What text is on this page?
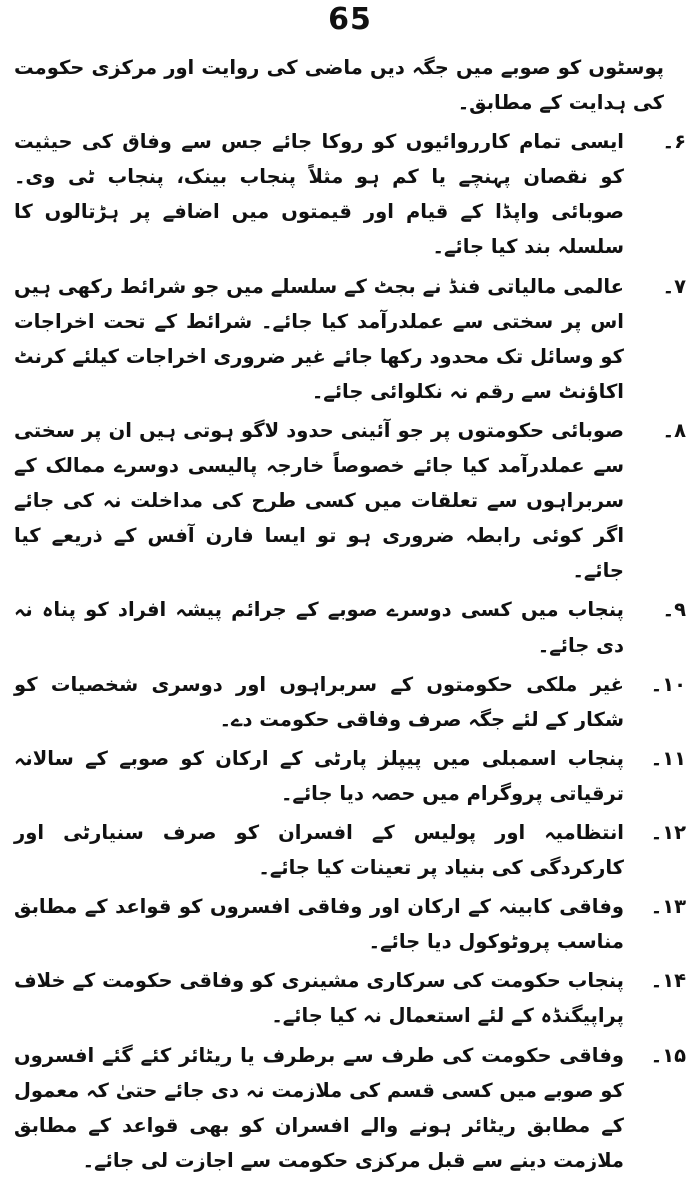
65
پوسٹوں کو صوبے میں جگہ دیں ماضی کی روایت اور مرکزی حکومت کی ہدایت کے مطابق۔
۶۔
ایسی تمام کارروائیوں کو روکا جائے جس سے وفاق کی حیثیت کو نقصان پہنچے یا کم ہو مثلاً پنجاب بینک، پنجاب ٹی وی۔ صوبائی واپڈا کے قیام اور قیمتوں میں اضافے پر ہڑتالوں کا سلسلہ بند کیا جائے۔
۷۔
عالمی مالیاتی فنڈ نے بجٹ کے سلسلے میں جو شرائط رکھی ہیں اس پر سختی سے عملدرآمد کیا جائے۔ شرائط کے تحت اخراجات کو وسائل تک محدود رکھا جائے غیر ضروری اخراجات کیلئے کرنٹ اکاؤنٹ سے رقم نہ نکلوائی جائے۔
۸۔
صوبائی حکومتوں پر جو آئینی حدود لاگو ہوتی ہیں ان پر سختی سے عملدرآمد کیا جائے خصوصاً خارجہ پالیسی دوسرے ممالک کے سربراہوں سے تعلقات میں کسی طرح کی مداخلت نہ کی جائے اگر کوئی رابطہ ضروری ہو تو ایسا فارن آفس کے ذریعے کیا جائے۔
۹۔
پنجاب میں کسی دوسرے صوبے کے جرائم پیشہ افراد کو پناہ نہ دی جائے۔
۱۰۔
غیر ملکی حکومتوں کے سربراہوں اور دوسری شخصیات کو شکار کے لئے جگہ صرف وفاقی حکومت دے۔
۱۱۔
پنجاب اسمبلی میں پیپلز پارٹی کے ارکان کو صوبے کے سالانہ ترقیاتی پروگرام میں حصہ دیا جائے۔
۱۲۔
انتظامیہ اور پولیس کے افسران کو صرف سنیارٹی اور کارکردگی کی بنیاد پر تعینات کیا جائے۔
۱۳۔
وفاقی کابینہ کے ارکان اور وفاقی افسروں کو قواعد کے مطابق مناسب پروٹوکول دیا جائے۔
۱۴۔
پنجاب حکومت کی سرکاری مشینری کو وفاقی حکومت کے خلاف پراپیگنڈہ کے لئے استعمال نہ کیا جائے۔
۱۵۔
وفاقی حکومت کی طرف سے برطرف یا ریٹائر کئے گئے افسروں کو صوبے میں کسی قسم کی ملازمت نہ دی جائے حتیٰ کہ معمول کے مطابق ریٹائر ہونے والے افسران کو بھی قواعد کے مطابق ملازمت دینے سے قبل مرکزی حکومت سے اجازت لی جائے۔
